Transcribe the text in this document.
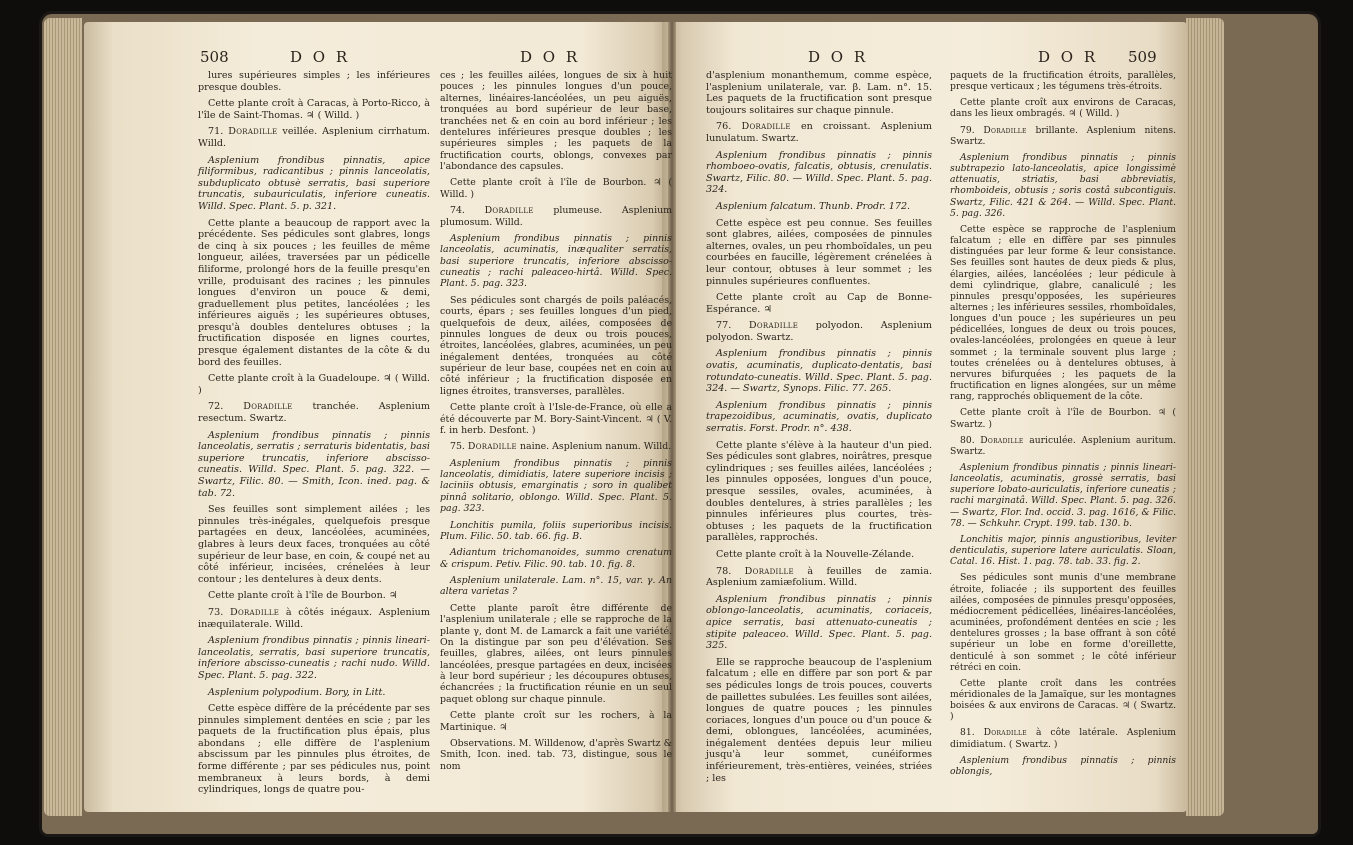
508	D O R	D O R	D O R	D O R 509

lures supérieures simples ; les inférieures presque doubles.

Cette plante croît à Caracas, à Porto-Ricco, à l'île de Saint-Thomas. ♃ ( Willd. )

71. Doradille veillée. Asplenium cirrhatum. Willd.

Asplenium frondibus pinnatis, apice filiformibus, radicantibus ; pinnis lanceolatis, subduplicato obtusè serratis, basi superiore truncatis, subauriculatis, inferiore cuneatis. Willd. Spec. Plant. 5. p. 321.

Cette plante a beaucoup de rapport avec la précédente. Ses pédicules sont glabres, longs de cinq à six pouces ; les feuilles de même longueur, ailées, traversées par un pédicelle filiforme, prolongé hors de la feuille presqu'en vrille, produisant des racines ; les pinnules longues d'environ un pouce & demi, graduellement plus petites, lancéolées ; les inférieures aiguës ; les supérieures obtuses, presqu'à doubles dentelures obtuses ; la fructification disposée en lignes courtes, presque également distantes de la côte & du bord des feuilles.

Cette plante croît à la Guadeloupe. ♃ ( Willd. )

72. Doradille tranchée. Asplenium resectum. Swartz.

Asplenium frondibus pinnatis ; pinnis lanceolatis, serratis ; serraturis bidentatis, basi superiore truncatis, inferiore abscisso-cuneatis. Willd. Spec. Plant. 5. pag. 322. — Swartz, Filic. 80. — Smith, Icon. ined. pag. & tab. 72.

Ses feuilles sont simplement ailées ; les pinnules très-inégales, quelquefois presque partagées en deux, lancéolées, acuminées, glabres à leurs deux faces, tronquées au côté supérieur de leur base, en coin, & coupé net au côté inférieur, incisées, crénelées à leur contour ; les dentelures à deux dents.

Cette plante croît à l'île de Bourbon. ♃

73. Doradille à côtés inégaux. Asplenium inæquilaterale. Willd.

Asplenium frondibus pinnatis ; pinnis lineari-lanceolatis, serratis, basi superiore truncatis, inferiore abscisso-cuneatis ; rachi nudo. Willd. Spec. Plant. 5. pag. 322.

Asplenium polypodium. Bory, in Litt.

Cette espèce diffère de la précédente par ses pinnules simplement dentées en scie ; par les paquets de la fructification plus épais, plus abondans ; elle diffère de l'asplenium abscissum par les pinnules plus étroites, de forme différente ; par ses pédicules nus, point membraneux à leurs bords, à demi cylindriques, longs de quatre pou-

ces ; les feuilles ailées, longues de six à huit pouces ; les pinnules longues d'un pouce, alternes, linéaires-lancéolées, un peu aiguës, tronquées au bord supérieur de leur base, tranchées net & en coin au bord inférieur ; les dentelures inférieures presque doubles ; les supérieures simples ; les paquets de la fructification courts, oblongs, convexes par l'abondance des capsules.

Cette plante croît à l'île de Bourbon. ♃ ( Willd. )

74. Doradille plumeuse. Asplenium plumosum. Willd.

Asplenium frondibus pinnatis ; pinnis lanceolatis, acuminatis, inæqualiter serratis, basi superiore truncatis, inferiore abscisso-cuneatis ; rachi paleaceo-hirtâ. Willd. Spec. Plant. 5. pag. 323.

Ses pédicules sont chargés de poils paléacés, courts, épars ; ses feuilles longues d'un pied, quelquefois de deux, ailées, composées de pinnules longues de deux ou trois pouces, étroites, lancéolées, glabres, acuminées, un peu inégalement dentées, tronquées au côté supérieur de leur base, coupées net en coin au côté inférieur ; la fructification disposée en lignes étroites, transverses, parallèles.

Cette plante croît à l'Isle-de-France, où elle a été découverte par M. Bory-Saint-Vincent. ♃ ( V. f. in herb. Desfont. )

75. Doradille naine. Asplenium nanum. Willd.

Asplenium frondibus pinnatis ; pinnis lanceolatis, dimidiatis, latere superiore incisis ; laciniis obtusis, emarginatis ; soro in qualibet pinnâ solitario, oblongo. Willd. Spec. Plant. 5. pag. 323.

Lonchitis pumila, foliis superioribus incisis. Plum. Filic. 50. tab. 66. fig. B.

Adiantum trichomanoides, summo crenatum & crispum. Petiv. Filic. 90. tab. 10. fig. 8.

Asplenium unilaterale. Lam. n°. 15, var. γ. An altera varietas ?

Cette plante paroît être différente de l'asplenium unilaterale ; elle se rapproche de la plante γ, dont M. de Lamarck a fait une variété. On la distingue par son peu d'élévation. Ses feuilles, glabres, ailées, ont leurs pinnules lancéolées, presque partagées en deux, incisées à leur bord supérieur ; les découpures obtuses, échancrées ; la fructification réunie en un seul paquet oblong sur chaque pinnule.

Cette plante croît sur les rochers, à la Martinique. ♃

Observations. M. Willdenow, d'après Swartz & Smith, Icon. ined. tab. 73, distingue, sous le nom

d'asplenium monanthemum, comme espèce, l'asplenium unilaterale, var. β. Lam. n°. 15. Les paquets de la fructification sont presque toujours solitaires sur chaque pinnule.

76. Doradille en croissant. Asplenium lunulatum. Swartz.

Asplenium frondibus pinnatis ; pinnis rhomboeo-ovatis, falcatis, obtusis, crenulatis. Swartz, Filic. 80. — Willd. Spec. Plant. 5. pag. 324.

Asplenium falcatum. Thunb. Prodr. 172.

Cette espèce est peu connue. Ses feuilles sont glabres, ailées, composées de pinnules alternes, ovales, un peu rhomboïdales, un peu courbées en faucille, légèrement crénelées à leur contour, obtuses à leur sommet ; les pinnules supérieures confluentes.

Cette plante croît au Cap de Bonne-Espérance. ♃

77. Doradille polyodon. Asplenium polyodon. Swartz.

Asplenium frondibus pinnatis ; pinnis ovatis, acuminatis, duplicato-dentatis, basi rotundato-cuneatis. Willd. Spec. Plant. 5. pag. 324. — Swartz, Synops. Filic. 77. 265.

Asplenium frondibus pinnatis ; pinnis trapezoidibus, acuminatis, ovatis, duplicato serratis. Forst. Prodr. n°. 438.

Cette plante s'élève à la hauteur d'un pied. Ses pédicules sont glabres, noirâtres, presque cylindriques ; ses feuilles ailées, lancéolées ; les pinnules opposées, longues d'un pouce, presque sessiles, ovales, acuminées, à doubles dentelures, à stries parallèles ; les pinnules inférieures plus courtes, très-obtuses ; les paquets de la fructification parallèles, rapprochés.

Cette plante croît à la Nouvelle-Zélande.

78. Doradille à feuilles de zamia. Asplenium zamiæfolium. Willd.

Asplenium frondibus pinnatis ; pinnis oblongo-lanceolatis, acuminatis, coriaceis, apice serratis, basi attenuato-cuneatis ; stipite paleaceo. Willd. Spec. Plant. 5. pag. 325.

Elle se rapproche beaucoup de l'asplenium falcatum ; elle en diffère par son port & par ses pédicules longs de trois pouces, couverts de paillettes subulées. Les feuilles sont ailées, longues de quatre pouces ; les pinnules coriaces, longues d'un pouce ou d'un pouce & demi, oblongues, lancéolées, acuminées, inégalement dentées depuis leur milieu jusqu'à leur sommet, cunéiformes inférieurement, très-entières, veinées, striées ; les

paquets de la fructification étroits, parallèles, presque verticaux ; les tégumens très-étroits.

Cette plante croît aux environs de Caracas, dans les lieux ombragés. ♃ ( Willd. )

79. Doradille brillante. Asplenium nitens. Swartz.

Asplenium frondibus pinnatis ; pinnis subtrapezio lato-lanceolatis, apice longissimè attenuatis, striatis, basi abbreviatis, rhomboideis, obtusis ; soris costâ subcontiguis. Swartz, Filic. 421 & 264. — Willd. Spec. Plant. 5. pag. 326.

Cette espèce se rapproche de l'asplenium falcatum ; elle en diffère par ses pinnules distinguées par leur forme & leur consistance. Ses feuilles sont hautes de deux pieds & plus, élargies, ailées, lancéolées ; leur pédicule à demi cylindrique, glabre, canaliculé ; les pinnules presqu'opposées, les supérieures alternes ; les inférieures sessiles, rhomboïdales, longues d'un pouce ; les supérieures un peu pédicellées, longues de deux ou trois pouces, ovales-lancéolées, prolongées en queue à leur sommet ; la terminale souvent plus large ; toutes crénelées ou à dentelures obtuses, à nervures bifurquées ; les paquets de la fructification en lignes alongées, sur un même rang, rapprochés obliquement de la côte.

Cette plante croît à l'île de Bourbon. ♃ ( Swartz. )

80. Doradille auriculée. Asplenium auritum. Swartz.

Asplenium frondibus pinnatis ; pinnis lineari-lanceolatis, acuminatis, grossè serratis, basi superiore lobato-auriculatis, inferiore cuneatis ; rachi marginatâ. Willd. Spec. Plant. 5. pag. 326. — Swartz, Flor. Ind. occid. 3. pag. 1616, & Filic. 78. — Schkuhr. Crypt. 199. tab. 130. b.

Lonchitis major, pinnis angustioribus, leviter denticulatis, superiore latere auriculatis. Sloan, Catal. 16. Hist. 1. pag. 78. tab. 33. fig. 2.

Ses pédicules sont munis d'une membrane étroite, foliacée ; ils supportent des feuilles ailées, composées de pinnules presqu'opposées, médiocrement pédicellées, linéaires-lancéolées, acuminées, profondément dentées en scie ; les dentelures grosses ; la base offrant à son côté supérieur un lobe en forme d'oreillette, denticulé à son sommet ; le côté inférieur rétréci en coin.

Cette plante croît dans les contrées méridionales de la Jamaïque, sur les montagnes boisées & aux environs de Caracas. ♃ ( Swartz. )

81. Doradille à côte latérale. Asplenium dimidiatum. ( Swartz. )

Asplenium frondibus pinnatis ; pinnis oblongis,
